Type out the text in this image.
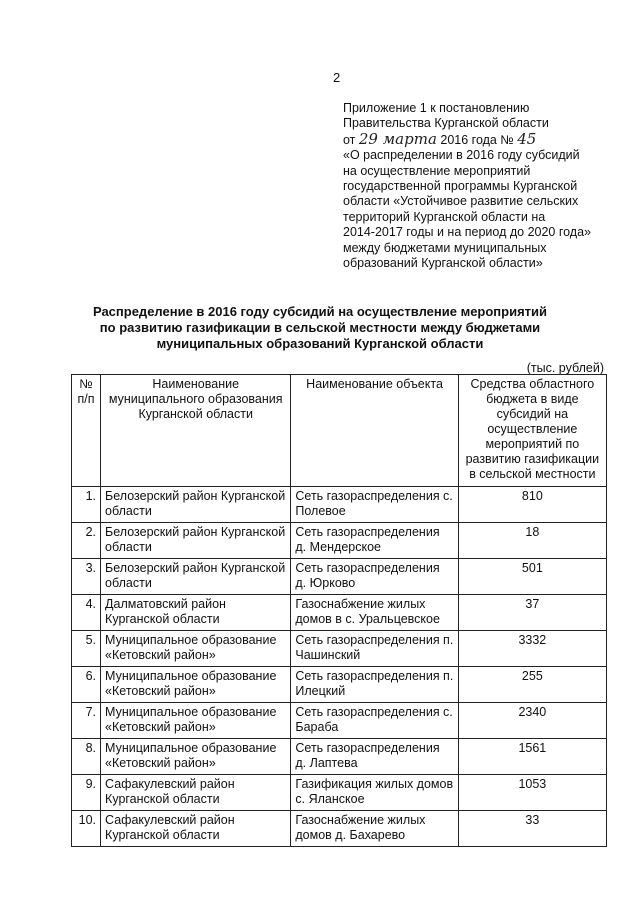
2
Приложение 1 к постановлению
Правительства Курганской области
от 29 марта 2016 года № 45
«О распределении в 2016 году субсидий
на осуществление мероприятий
государственной программы Курганской
области «Устойчивое развитие сельских
территорий Курганской области на
2014-2017 годы и на период до 2020 года»
между бюджетами муниципальных
образований Курганской области»
Распределение в 2016 году субсидий на осуществление мероприятий
по развитию газификации в сельской местности между бюджетами
муниципальных образований Курганской области
(тыс. рублей)
№ п/п	Наименование муниципального образования Курганской области	Наименование объекта	Средства областного бюджета в виде субсидий на осуществление мероприятий по развитию газификации в сельской местности
1.	Белозерский район Курганской области	Сеть газораспределения с. Полевое	810
2.	Белозерский район Курганской области	Сеть газораспределения д. Мендерское	18
3.	Белозерский район Курганской области	Сеть газораспределения д. Юрково	501
4.	Далматовский район Курганской области	Газоснабжение жилых домов в с. Уральцевское	37
5.	Муниципальное образование «Кетовский район»	Сеть газораспределения п. Чашинский	3332
6.	Муниципальное образование «Кетовский район»	Сеть газораспределения п. Илецкий	255
7.	Муниципальное образование «Кетовский район»	Сеть газораспределения с. Бараба	2340
8.	Муниципальное образование «Кетовский район»	Сеть газораспределения д. Лаптева	1561
9.	Сафакулевский район Курганской области	Газификация жилых домов с. Яланское	1053
10.	Сафакулевский район Курганской области	Газоснабжение жилых домов д. Бахарево	33
